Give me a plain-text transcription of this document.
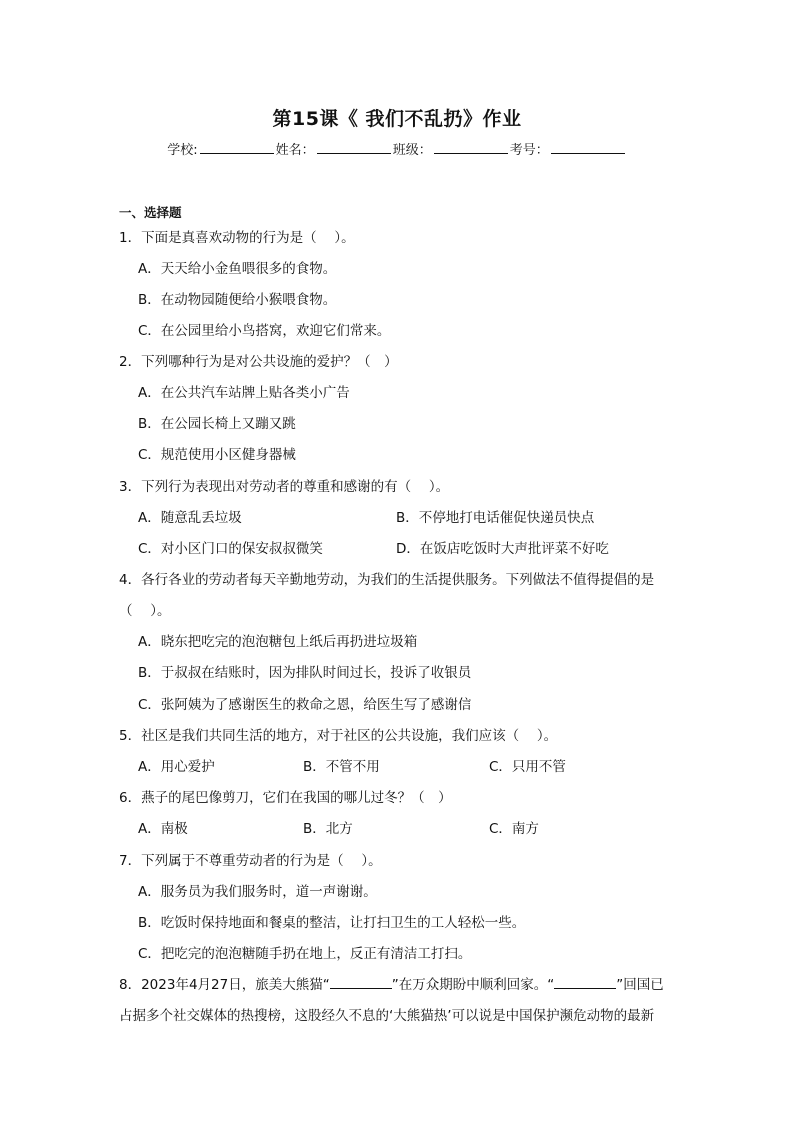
第15课《 我们不乱扔》作业
学校:	姓名：	班级：	考号：
一、选择题
1．下面是真喜欢动物的行为是（　 ）。
A．天天给小金鱼喂很多的食物。
B．在动物园随便给小猴喂食物。
C．在公园里给小鸟搭窝，欢迎它们常来。
2．下列哪种行为是对公共设施的爱护？（　）
A．在公共汽车站牌上贴各类小广告
B．在公园长椅上又蹦又跳
C．规范使用小区健身器械
3．下列行为表现出对劳动者的尊重和感谢的有（　 ）。
A．随意乱丢垃圾	B．不停地打电话催促快递员快点
C．对小区门口的保安叔叔微笑	D．在饭店吃饭时大声批评菜不好吃
4．各行各业的劳动者每天辛勤地劳动，为我们的生活提供服务。下列做法不值得提倡的是
（　 ）。
A．晓东把吃完的泡泡糖包上纸后再扔进垃圾箱
B．于叔叔在结账时，因为排队时间过长，投诉了收银员
C．张阿姨为了感谢医生的救命之恩，给医生写了感谢信
5．社区是我们共同生活的地方，对于社区的公共设施，我们应该（　 ）。
A．用心爱护	B．不管不用	C．只用不管
6．燕子的尾巴像剪刀，它们在我国的哪儿过冬？（　）
A．南极	B．北方	C．南方
7．下列属于不尊重劳动者的行为是（　 ）。
A．服务员为我们服务时，道一声谢谢。
B．吃饭时保持地面和餐桌的整洁，让打扫卫生的工人轻松一些。
C．把吃完的泡泡糖随手扔在地上，反正有清洁工打扫。
8．2023年4月27日，旅美大熊猫“	”在万众期盼中顺利回家。“	”回国已
占据多个社交媒体的热搜榜，这股经久不息的‘大熊猫热’可以说是中国保护濒危动物的最新
